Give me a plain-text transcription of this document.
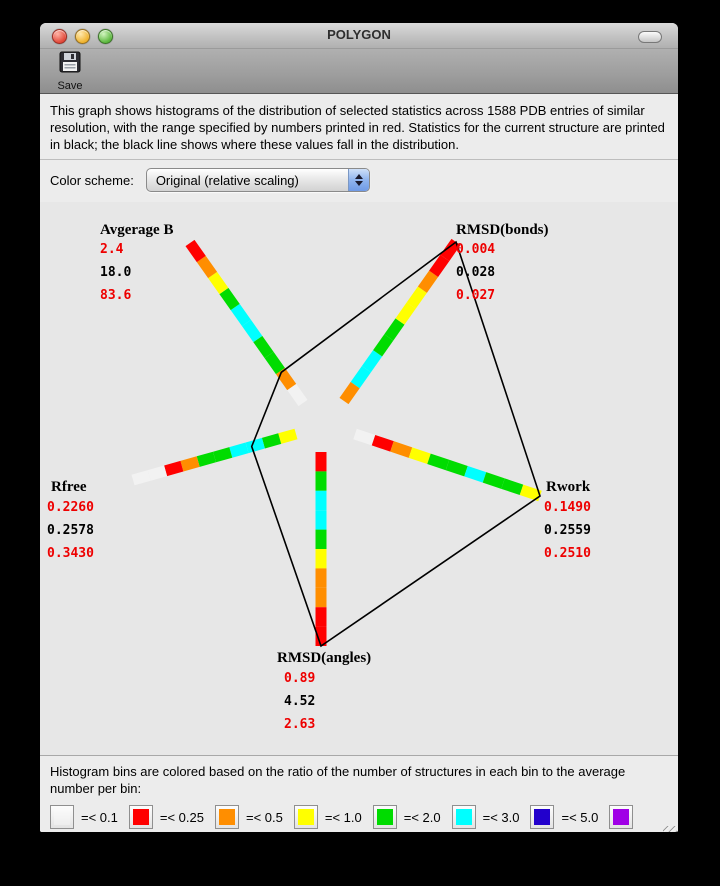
POLYGON
Save

This graph shows histograms of the distribution of selected statistics across 1588 PDB entries of similar resolution, with the range specified by numbers printed in red. Statistics for the current structure are printed in black; the black line shows where these values fall in the distribution.

Color scheme:	Original (relative scaling)
Avgerage B
2.4
18.0
83.6
RMSD(bonds)
0.004
0.028
0.027
Rwork
0.1490
0.2559
0.2510
RMSD(angles)
0.89
4.52
2.63
Rfree
0.2260
0.2578
0.3430

Histogram bins are colored based on the ratio of the number of structures in each bin to the average number per bin:

=< 0.1	=< 0.25	=< 0.5	=< 1.0	=< 2.0	=< 3.0	=< 5.0
